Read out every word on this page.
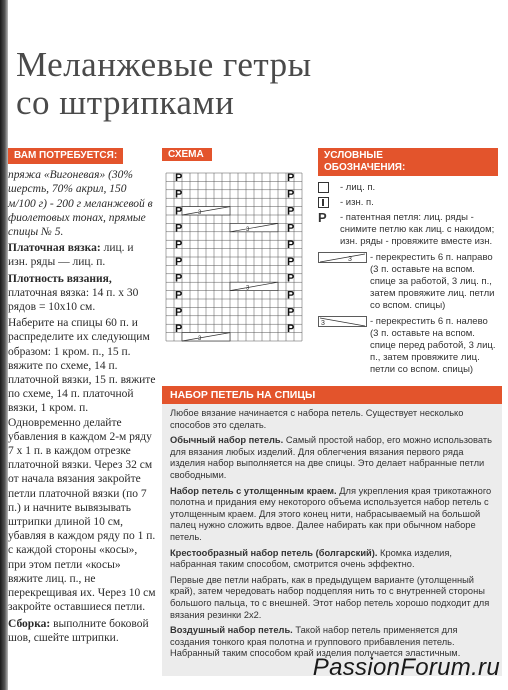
Меланжевые гетры
со штрипками
ВАМ ПОТРЕБУЕТСЯ:

пряжа «Вигоневая» (30% шерсть, 70% акрил, 150 м/100 г) - 200 г меланжевой в фиолетовых тонах, прямые спицы № 5.

Платочная вязка: лиц. и изн. ряды — лиц. п.

Плотность вязания, платочная вязка: 14 п. х 30 рядов = 10х10 см.

Наберите на спицы 60 п. и распределите их следующим образом: 1 кром. п., 15 п. вяжите по схеме, 14 п. платочной вязки, 15 п. вяжите по схеме, 14 п. платочной вязки, 1 кром. п. Одновременно делайте убавления в каждом 2-м ряду 7 х 1 п. в каждом отрезке платочной вязки. Через 32 см от начала вязания закройте петли платочной вязки (по 7 п.) и начните вывязывать штрипки длиной 10 см, убавляя в каждом ряду по 1 п. с каждой стороны «косы», при этом петли «косы» вяжите лиц. п., не перекрещивая их. Через 10 см закройте оставшиеся петли.

Сборка: выполните боковой шов, сшейте штрипки.

СХЕМА
P	P
P	P
P	P
P	P
P	P
P	P
P	P
P	P
P	P
P	P
3
3
3
3
УСЛОВНЫЕ
ОБОЗНАЧЕНИЯ:
- лиц. п.
- изн. п.
P	- патентная петля: лиц. ряды - снимите петлю как лиц. с накидом; изн. ряды - провяжите вместе изн.
3 - перекрестить 6 п. направо (3 п. оставьте на вспом. спице за работой, 3 лиц. п., затем провяжите лиц. петли со вспом. спицы)
3	- перекрестить 6 п. налево (3 п. оставьте на вспом. спице перед работой, 3 лиц. п., затем провяжите лиц. петли со вспом. спицы)
НАБОР ПЕТЕЛЬ НА СПИЦЫ

Любое вязание начинается с набора петель. Существует несколько способов это сделать.

Обычный набор петель. Самый простой набор, его можно использовать для вязания любых изделий. Для облегчения вязания первого ряда изделия набор выполняется на две спицы. Это делает набранные петли свободными.

Набор петель с утолщенным краем. Для укрепления края трикотажного полотна и придания ему некоторого объема используется набор петель с утолщенным краем. Для этого конец нити, набрасываемый на большой палец нужно сложить вдвое. Далее набирать как при обычном наборе петель.

Крестообразный набор петель (болгарский). Кромка изделия, набранная таким способом, смотрится очень эффектно.

Первые две петли набрать, как в предыдущем варианте (утолщенный край), затем чередовать набор подцепляя нить то с внутренней стороны большого пальца, то с внешней. Этот набор петель хорошо подходит для вязания резинки 2х2.

Воздушный набор петель. Такой набор петель применяется для создания тонкого края полотна и группового прибавления петель. Набранный таким способом край изделия получается эластичным.

PassionForum.ru
